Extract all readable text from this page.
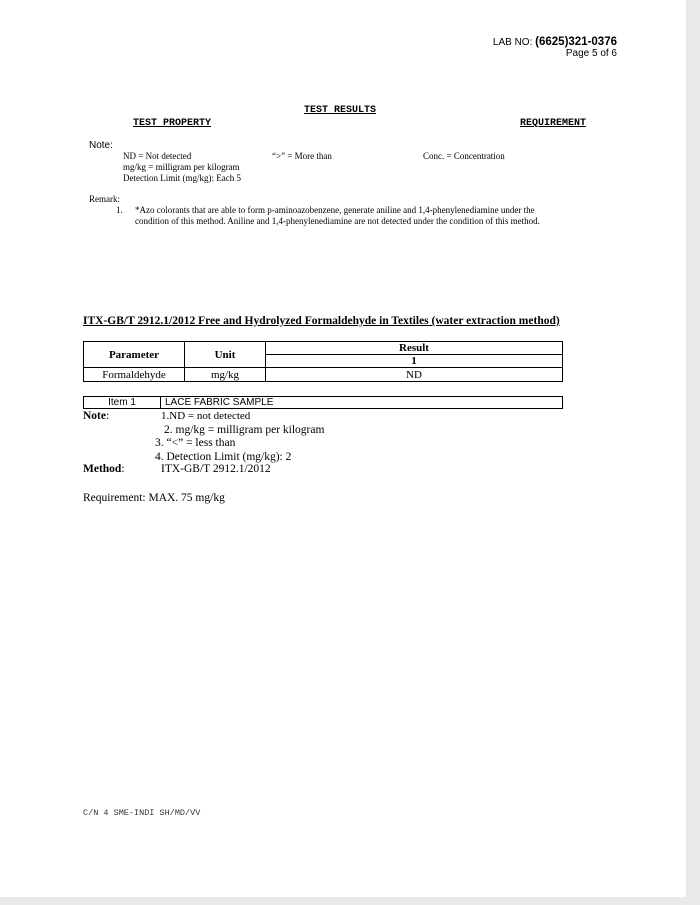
LAB NO: (6625)321-0376
Page 5 of 6
TEST RESULTS
TEST PROPERTY	REQUIREMENT
Note:
ND = Not detected	“>” = More than	Conc. = Concentration
mg/kg = milligram per kilogram
Detection Limit (mg/kg): Each 5
Remark:
1. *Azo colorants that are able to form p-aminoazobenzene, generate aniline and 1,4-phenylenediamine under the
condition of this method. Aniline and 1,4-phenylenediamine are not detected under the condition of this method.
ITX-GB/T 2912.1/2012 Free and Hydrolyzed Formaldehyde in Textiles (water extraction method)
Parameter	Unit	Result
		1
Formaldehyde	mg/kg	ND
Item 1	LACE FABRIC SAMPLE
Note:	1.ND = not detected
2. mg/kg = milligram per kilogram
3. “<” = less than
4. Detection Limit (mg/kg): 2
Method:	ITX-GB/T 2912.1/2012
Requirement: MAX. 75 mg/kg
C/N 4 SME-INDI SH/MD/VV
